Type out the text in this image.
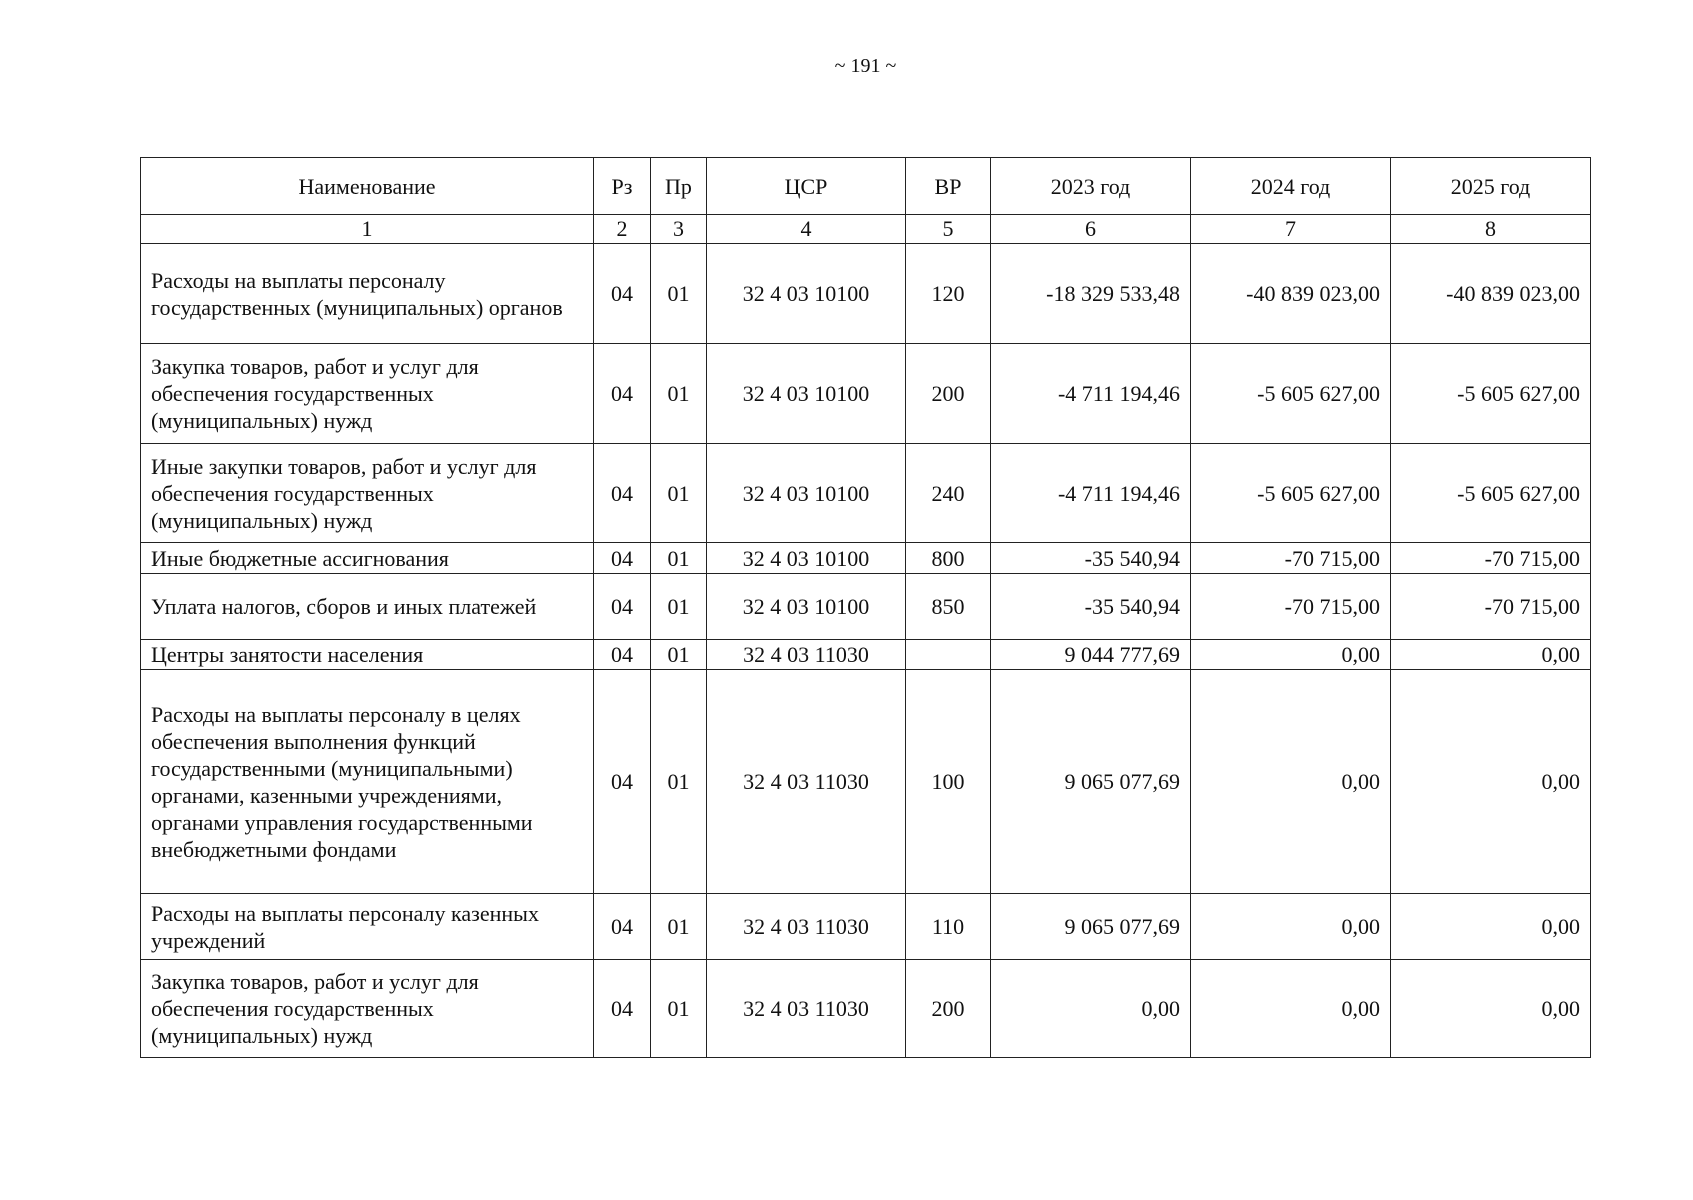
~ 191 ~
Наименование	Рз	Пр	ЦСР	ВР	2023 год	2024 год	2025 год
1	2	3	4	5	6	7	8
Расходы на выплаты персоналу государственных (муниципальных) органов	04	01	32 4 03 10100	120	-18 329 533,48	-40 839 023,00	-40 839 023,00
Закупка товаров, работ и услуг для обеспечения государственных (муниципальных) нужд	04	01	32 4 03 10100	200	-4 711 194,46	-5 605 627,00	-5 605 627,00
Иные закупки товаров, работ и услуг для обеспечения государственных (муниципальных) нужд	04	01	32 4 03 10100	240	-4 711 194,46	-5 605 627,00	-5 605 627,00
Иные бюджетные ассигнования	04	01	32 4 03 10100	800	-35 540,94	-70 715,00	-70 715,00
Уплата налогов, сборов и иных платежей	04	01	32 4 03 10100	850	-35 540,94	-70 715,00	-70 715,00
Центры занятости населения	04	01	32 4 03 11030		9 044 777,69	0,00	0,00
Расходы на выплаты персоналу в целях обеспечения выполнения функций государственными (муниципальными) органами, казенными учреждениями, органами управления государственными внебюджетными фондами	04	01	32 4 03 11030	100	9 065 077,69	0,00	0,00
Расходы на выплаты персоналу казенных учреждений	04	01	32 4 03 11030	110	9 065 077,69	0,00	0,00
Закупка товаров, работ и услуг для обеспечения государственных (муниципальных) нужд	04	01	32 4 03 11030	200	0,00	0,00	0,00
